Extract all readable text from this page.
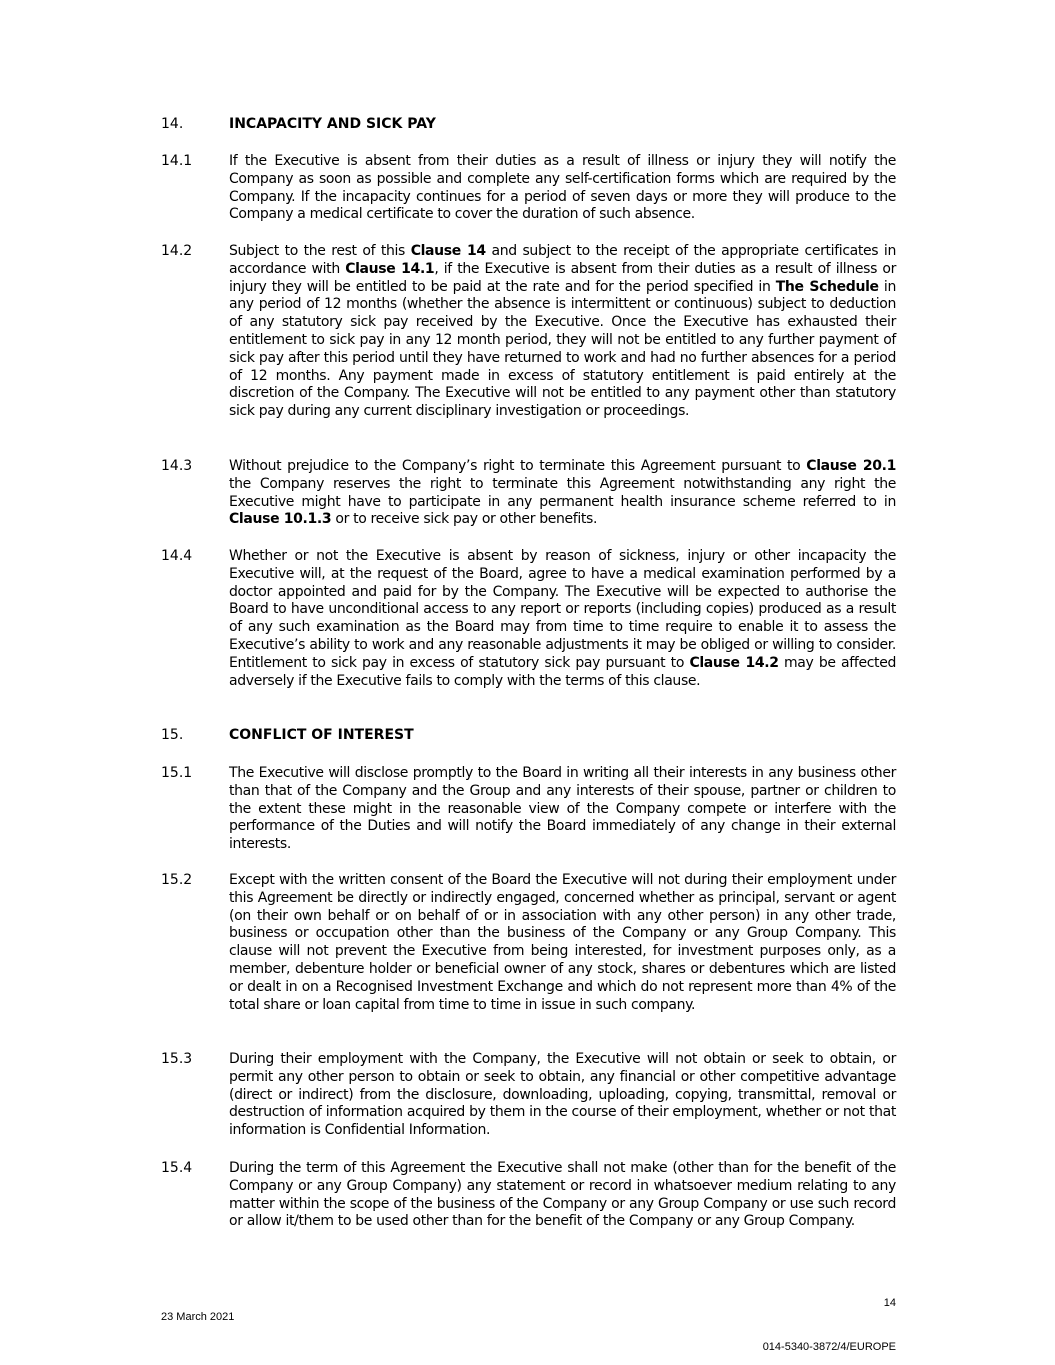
14.	INCAPACITY AND SICK PAY
14.1	If the Executive is absent from their duties as a result of illness or injury they will notify the Company as soon as possible and complete any self-certification forms which are required by the Company. If the incapacity continues for a period of seven days or more they will produce to the Company a medical certificate to cover the duration of such absence.
14.2	Subject to the rest of this Clause 14 and subject to the receipt of the appropriate certificates in accordance with Clause 14.1, if the Executive is absent from their duties as a result of illness or injury they will be entitled to be paid at the rate and for the period specified in The Schedule in any period of 12 months (whether the absence is intermittent or continuous) subject to deduction of any statutory sick pay received by the Executive. Once the Executive has exhausted their entitlement to sick pay in any 12 month period, they will not be entitled to any further payment of sick pay after this period until they have returned to work and had no further absences for a period of 12 months. Any payment made in excess of statutory entitlement is paid entirely at the discretion of the Company. The Executive will not be entitled to any payment other than statutory sick pay during any current disciplinary investigation or proceedings.
14.3	Without prejudice to the Company’s right to terminate this Agreement pursuant to Clause 20.1 the Company reserves the right to terminate this Agreement notwithstanding any right the Executive might have to participate in any permanent health insurance scheme referred to in Clause 10.1.3 or to receive sick pay or other benefits.
14.4	Whether or not the Executive is absent by reason of sickness, injury or other incapacity the Executive will, at the request of the Board, agree to have a medical examination performed by a doctor appointed and paid for by the Company. The Executive will be expected to authorise the Board to have unconditional access to any report or reports (including copies) produced as a result of any such examination as the Board may from time to time require to enable it to assess the Executive’s ability to work and any reasonable adjustments it may be obliged or willing to consider. Entitlement to sick pay in excess of statutory sick pay pursuant to Clause 14.2 may be affected adversely if the Executive fails to comply with the terms of this clause.
15.	CONFLICT OF INTEREST
15.1	The Executive will disclose promptly to the Board in writing all their interests in any business other than that of the Company and the Group and any interests of their spouse, partner or children to the extent these might in the reasonable view of the Company compete or interfere with the performance of the Duties and will notify the Board immediately of any change in their external interests.
15.2	Except with the written consent of the Board the Executive will not during their employment under this Agreement be directly or indirectly engaged, concerned whether as principal, servant or agent (on their own behalf or on behalf of or in association with any other person) in any other trade, business or occupation other than the business of the Company or any Group Company. This clause will not prevent the Executive from being interested, for investment purposes only, as a member, debenture holder or beneficial owner of any stock, shares or debentures which are listed or dealt in on a Recognised Investment Exchange and which do not represent more than 4% of the total share or loan capital from time to time in issue in such company.
15.3	During their employment with the Company, the Executive will not obtain or seek to obtain, or permit any other person to obtain or seek to obtain, any financial or other competitive advantage (direct or indirect) from the disclosure, downloading, uploading, copying, transmittal, removal or destruction of information acquired by them in the course of their employment, whether or not that information is Confidential Information.
15.4	During the term of this Agreement the Executive shall not make (other than for the benefit of the Company or any Group Company) any statement or record in whatsoever medium relating to any matter within the scope of the business of the Company or any Group Company or use such record or allow it/them to be used other than for the benefit of the Company or any Group Company.
14
23 March 2021
014-5340-3872/4/EUROPE
